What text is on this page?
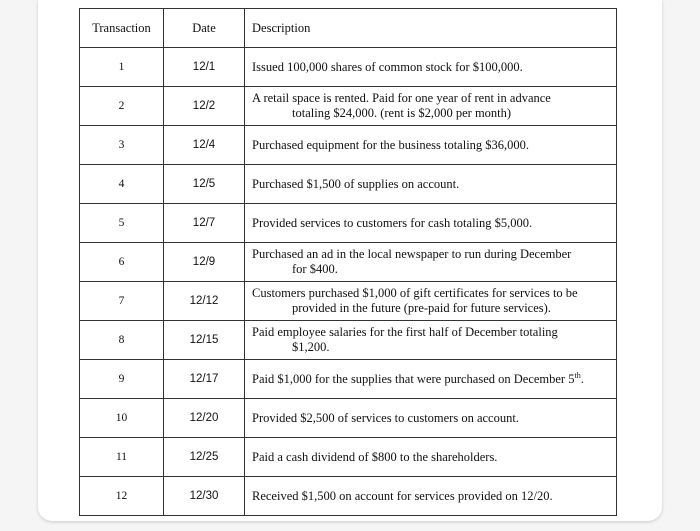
Transaction	Date	Description
1	12/1	Issued 100,000 shares of common stock for $100,000.

2	12/2	A retail space is rented. Paid for one year of rent in advance
totaling $24,000. (rent is $2,000 per month)

3	12/4	Purchased equipment for the business totaling $36,000.

4	12/5	Purchased $1,500 of supplies on account.

5	12/7	Provided services to customers for cash totaling $5,000.

6	12/9	Purchased an ad in the local newspaper to run during December
for $400.

7	12/12	Customers purchased $1,000 of gift certificates for services to be
provided in the future (pre-paid for future services).

8	12/15	Paid employee salaries for the first half of December totaling
$1,200.

9	12/17	Paid $1,000 for the supplies that were purchased on December 5th.

10	12/20	Provided $2,500 of services to customers on account.

11	12/25	Paid a cash dividend of $800 to the shareholders.

12	12/30	Received $1,500 on account for services provided on 12/20.
